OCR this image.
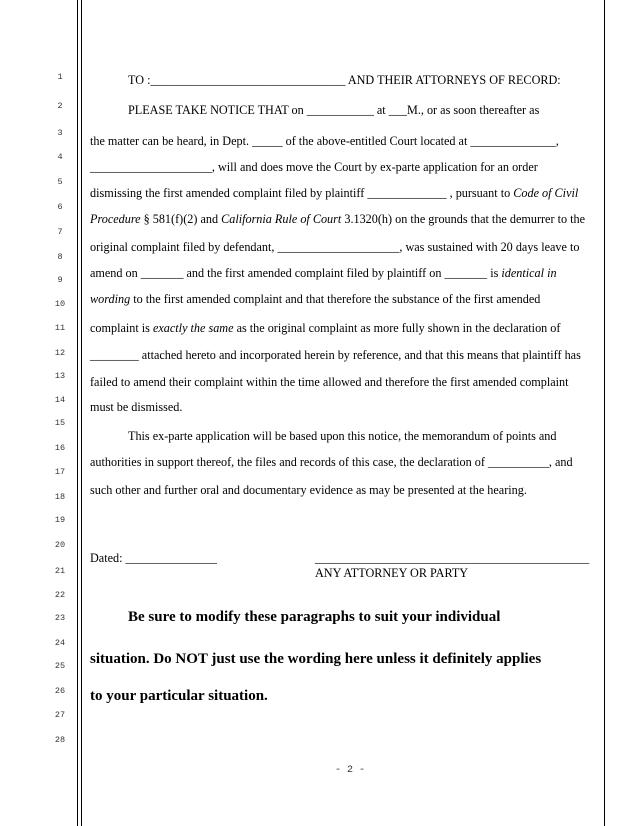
1
2
3
4
5
6
7
8
9
10
11
12
13
14
15
16
17
18
19
20
21
22
23
24
25
26
27
28
TO :________________________________ AND THEIR ATTORNEYS OF RECORD:
PLEASE TAKE NOTICE THAT on ___________ at ___M., or as soon thereafter as
the matter can be heard, in Dept. _____ of the above-entitled Court located at ______________,
____________________, will and does move the Court by ex-parte application for an order
dismissing the first amended complaint filed by plaintiff _____________ , pursuant to Code of Civil
Procedure § 581(f)(2) and California Rule of Court 3.1320(h) on the grounds that the demurrer to the
original complaint filed by defendant, ____________________, was sustained with 20 days leave to
amend on _______ and the first amended complaint filed by plaintiff on _______ is identical in
wording to the first amended complaint and that therefore the substance of the first amended
complaint is exactly the same as the original complaint as more fully shown in the declaration of
________ attached hereto and incorporated herein by reference, and that this means that plaintiff has
failed to amend their complaint within the time allowed and therefore the first amended complaint
must be dismissed.
This ex-parte application will be based upon this notice, the memorandum of points and
authorities in support thereof, the files and records of this case, the declaration of __________, and
such other and further oral and documentary evidence as may be presented at the hearing.
Dated: _______________	_____________________________________________
ANY ATTORNEY OR PARTY
Be sure to modify these paragraphs to suit your individual
situation. Do NOT just use the wording here unless it definitely applies
to your particular situation.
- 2 -
